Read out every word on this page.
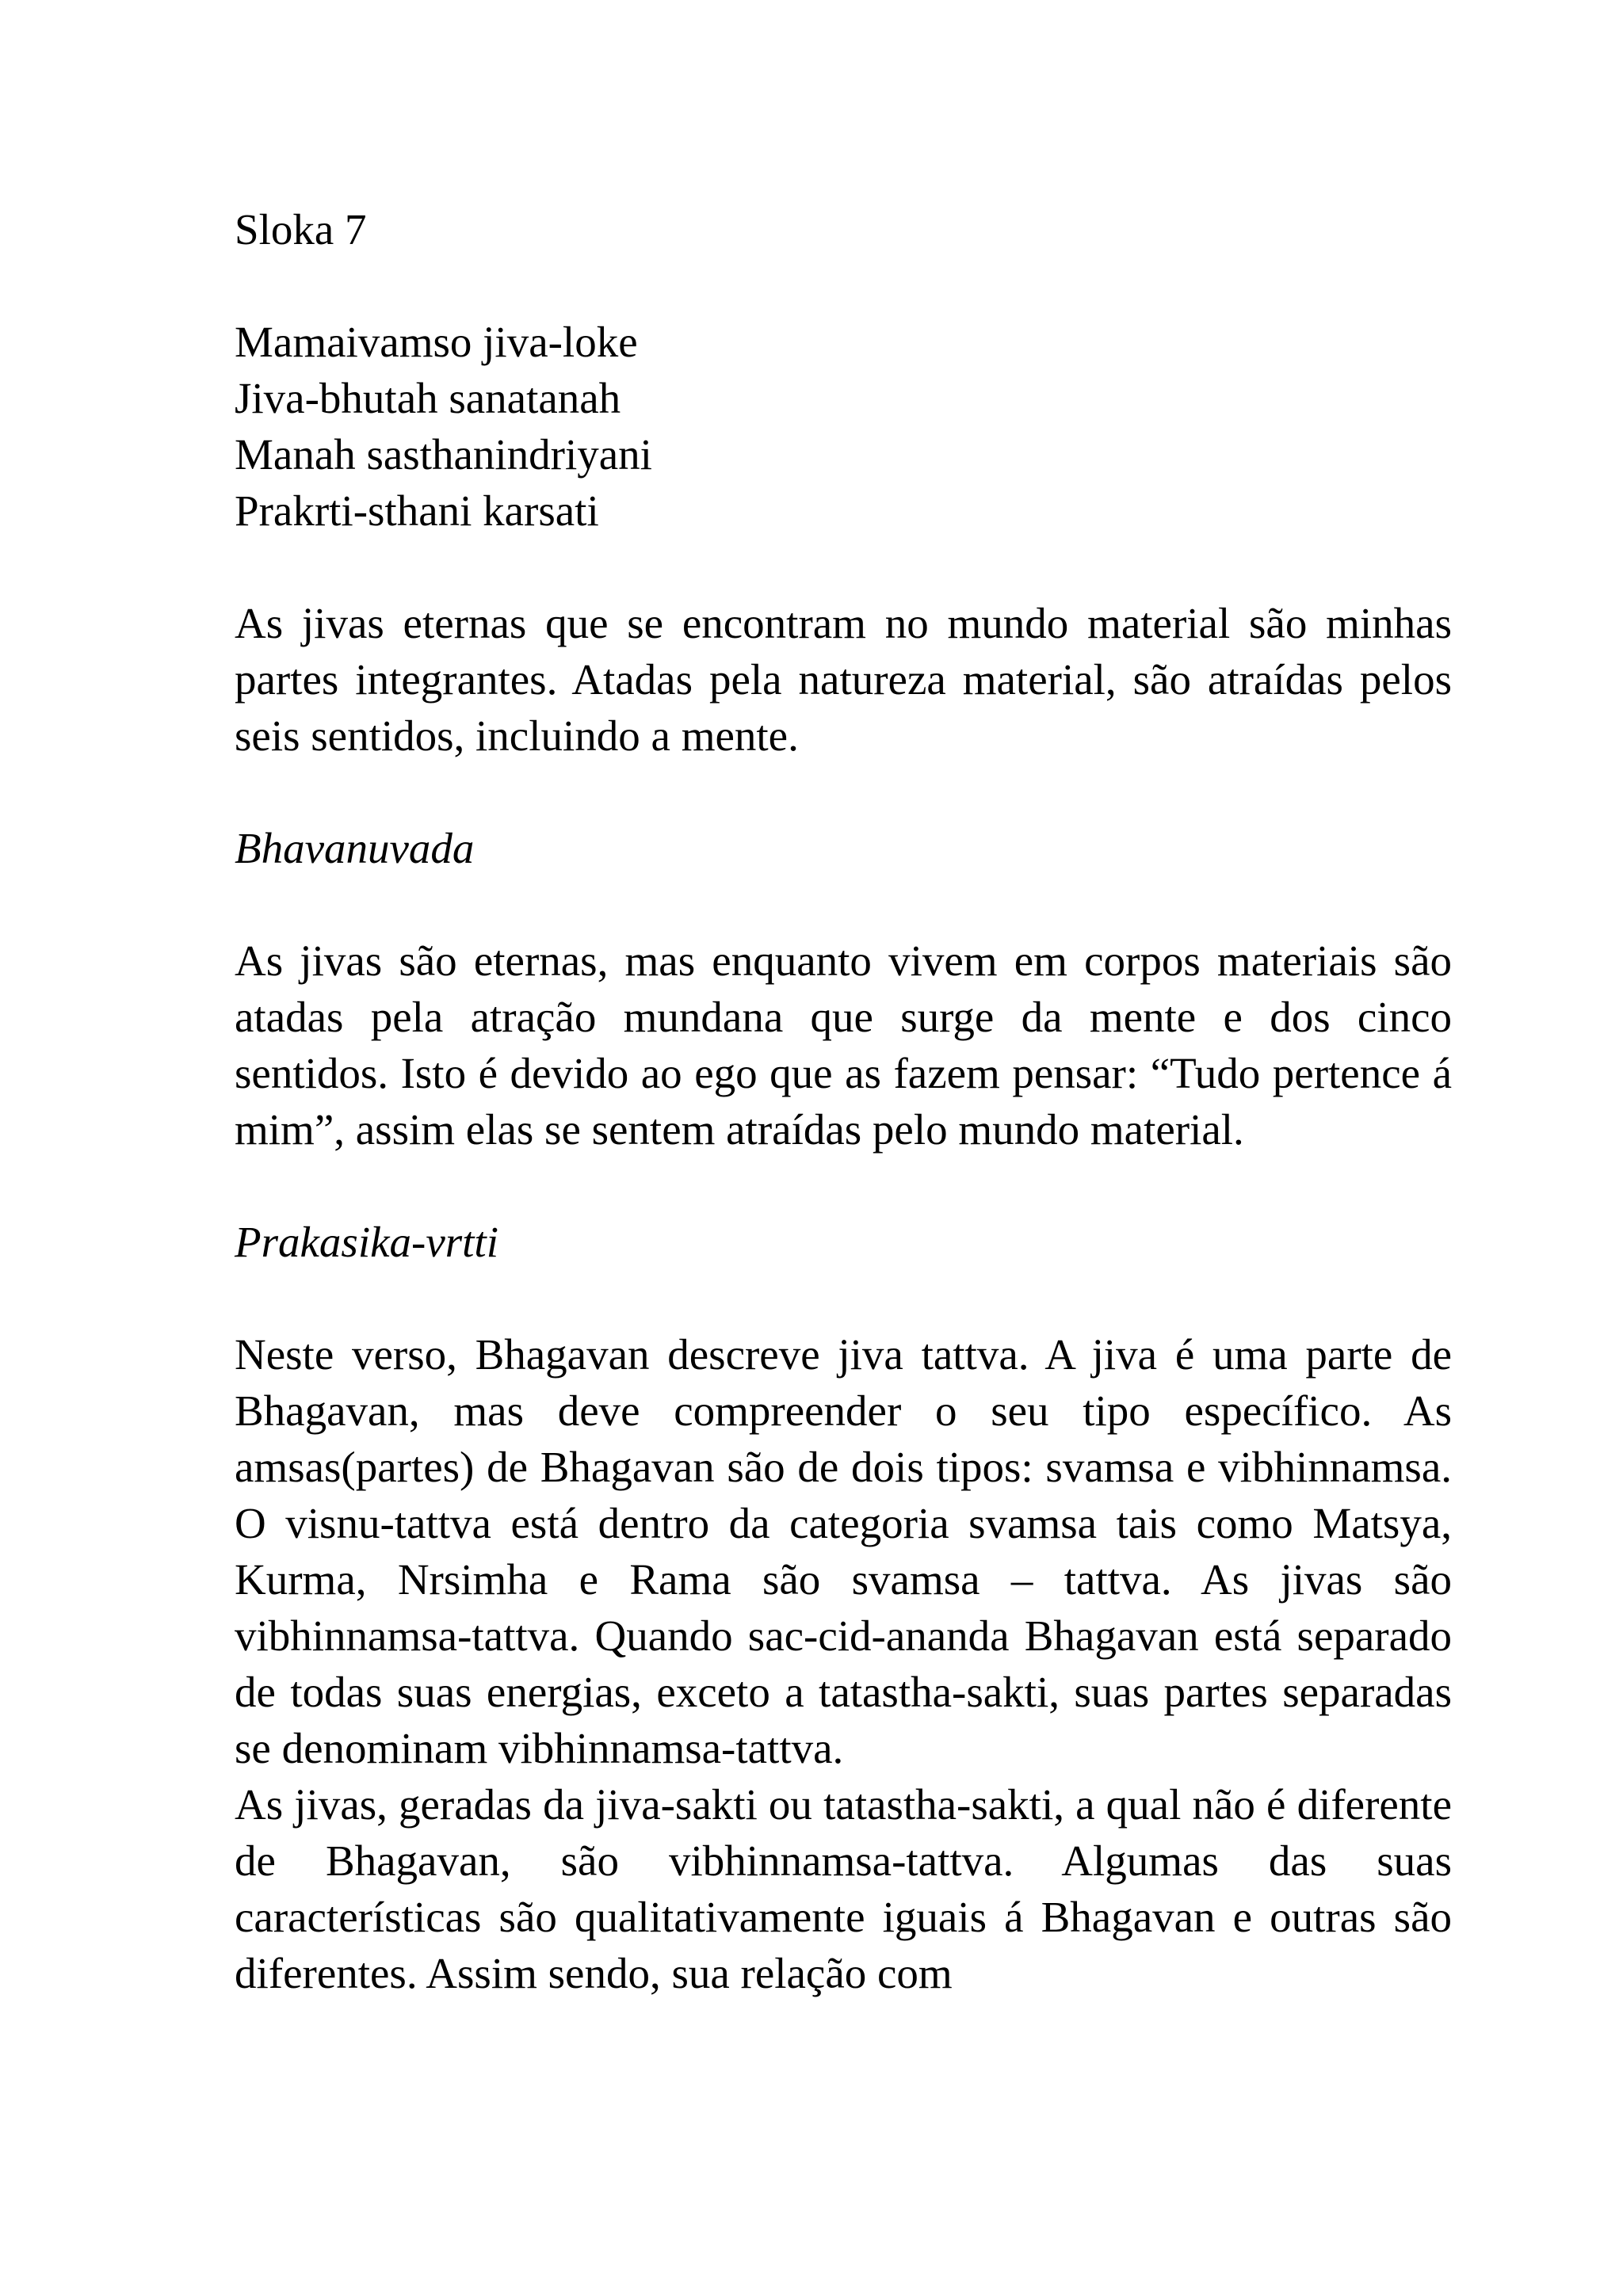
Sloka 7

Mamaivamso jiva-loke
Jiva-bhutah sanatanah
Manah sasthanindriyani
Prakrti-sthani karsati

As jivas eternas que se encontram no mundo material são minhas partes integrantes. Atadas pela natureza material, são atraídas pelos seis sentidos, incluindo a mente.

Bhavanuvada

As jivas são eternas, mas enquanto vivem em corpos materiais são atadas pela atração mundana que surge da mente e dos cinco sentidos. Isto é devido ao ego que as fazem pensar: “Tudo pertence á mim”, assim elas se sentem atraídas pelo mundo material.

Prakasika-vrtti

Neste verso, Bhagavan descreve jiva tattva. A jiva é uma parte de Bhagavan, mas deve compreender o seu tipo específico. As amsas(partes) de Bhagavan são de dois tipos: svamsa e vibhinnamsa. O visnu-tattva está dentro da categoria svamsa tais como Matsya, Kurma, Nrsimha e Rama são svamsa – tattva. As jivas são vibhinnamsa-tattva. Quando sac-cid-ananda Bhagavan está separado de todas suas energias, exceto a tatastha-sakti, suas partes separadas se denominam vibhinnamsa-tattva.

As jivas, geradas da jiva-sakti ou tatastha-sakti, a qual não é diferente de Bhagavan, são vibhinnamsa-tattva. Algumas das suas características são qualitativamente iguais á Bhagavan e outras são diferentes. Assim sendo, sua relação com
